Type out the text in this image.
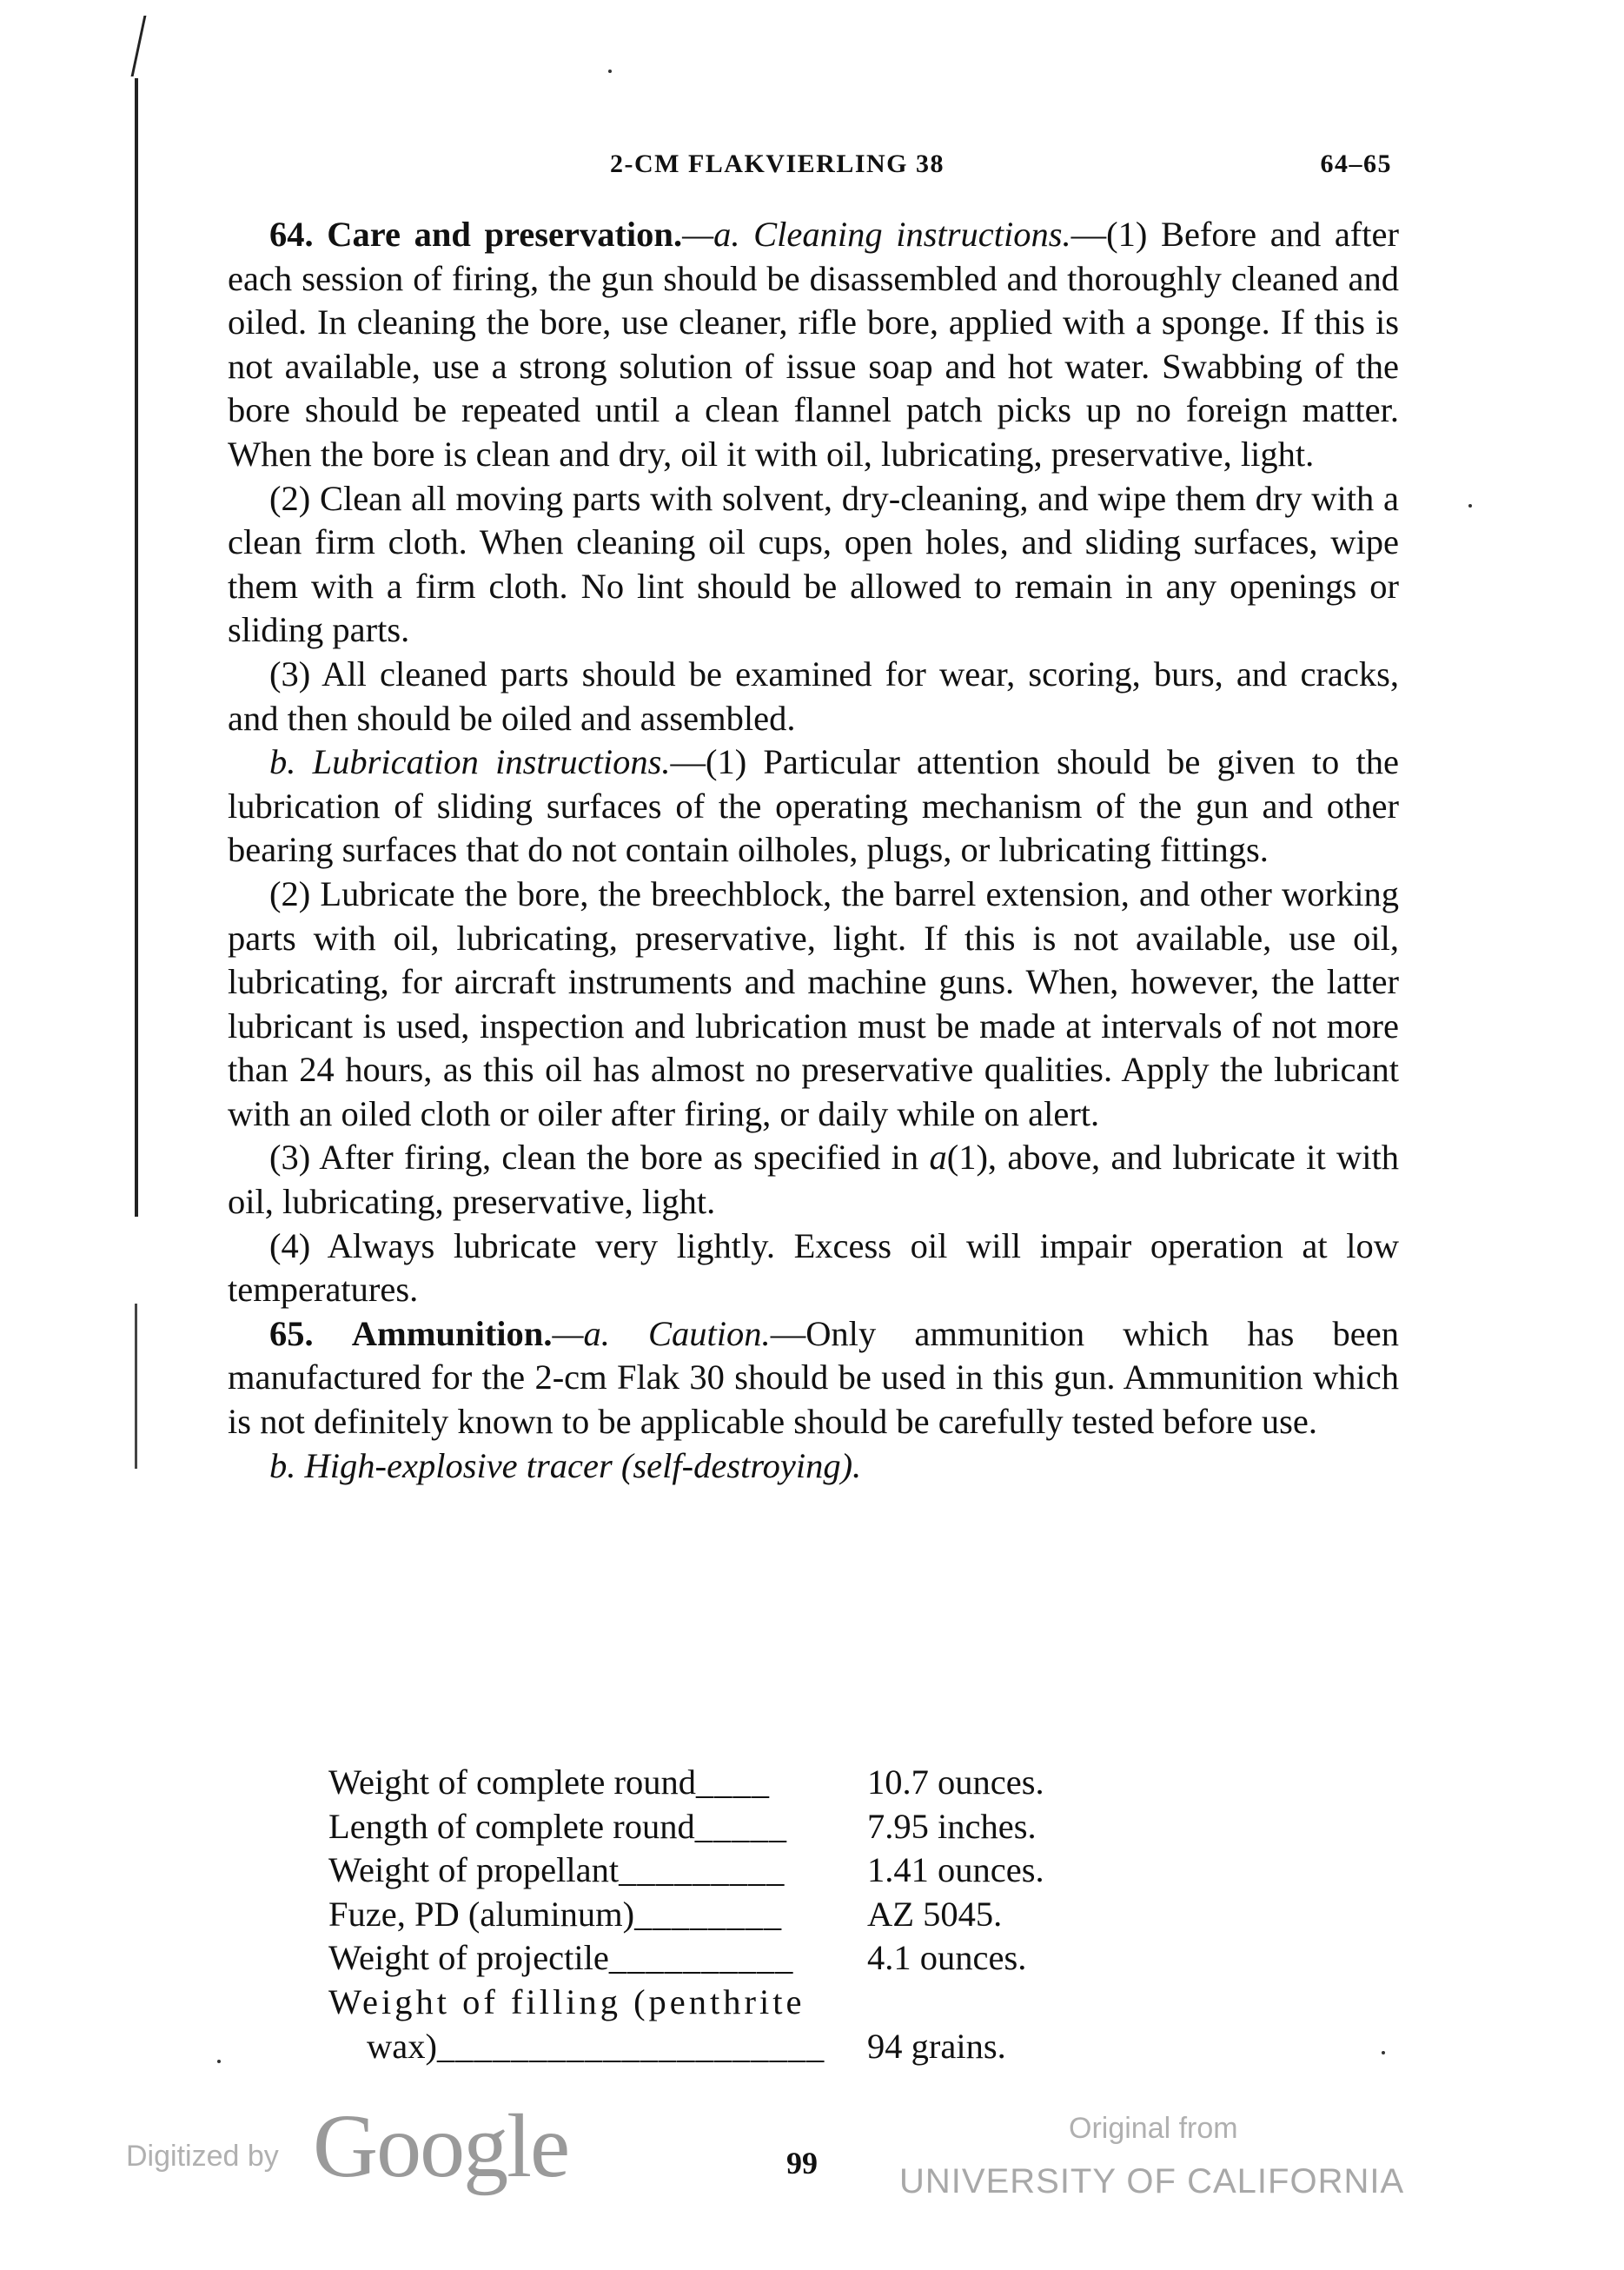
2-CM FLAKVIERLING 38	64–65

64. Care and preservation.—a. Cleaning instructions.—(1) Before and after each session of firing, the gun should be disassembled and thoroughly cleaned and oiled. In cleaning the bore, use cleaner, rifle bore, applied with a sponge. If this is not available, use a strong solution of issue soap and hot water. Swabbing of the bore should be repeated until a clean flannel patch picks up no foreign matter. When the bore is clean and dry, oil it with oil, lubricating, preservative, light.

(2) Clean all moving parts with solvent, dry-cleaning, and wipe them dry with a clean firm cloth. When cleaning oil cups, open holes, and sliding surfaces, wipe them with a firm cloth. No lint should be allowed to remain in any openings or sliding parts.

(3) All cleaned parts should be examined for wear, scoring, burs, and cracks, and then should be oiled and assembled.

b. Lubrication instructions.—(1) Particular attention should be given to the lubrication of sliding surfaces of the operating mechanism of the gun and other bearing surfaces that do not contain oilholes, plugs, or lubricating fittings.

(2) Lubricate the bore, the breechblock, the barrel extension, and other working parts with oil, lubricating, preservative, light. If this is not available, use oil, lubricating, for aircraft instruments and machine guns. When, however, the latter lubricant is used, inspection and lubrication must be made at intervals of not more than 24 hours, as this oil has almost no preservative qualities. Apply the lubricant with an oiled cloth or oiler after firing, or daily while on alert.

(3) After firing, clean the bore as specified in a(1), above, and lubricate it with oil, lubricating, preservative, light.

(4) Always lubricate very lightly. Excess oil will impair operation at low temperatures.

65. Ammunition.—a. Caution.—Only ammunition which has been manufactured for the 2-cm Flak 30 should be used in this gun. Ammunition which is not definitely known to be applicable should be carefully tested before use.

b. High-explosive tracer (self-destroying).

Weight of complete round____	10.7 ounces.
Length of complete round_____	7.95 inches.
Weight of propellant_________	1.41 ounces.
Fuze, PD (aluminum)________	AZ 5045.
Weight of projectile__________	4.1 ounces.
Weight of filling (penthrite	
wax)_____________________	94 grains.
Digitized by Google	99
Original from
UNIVERSITY OF CALIFORNIA
